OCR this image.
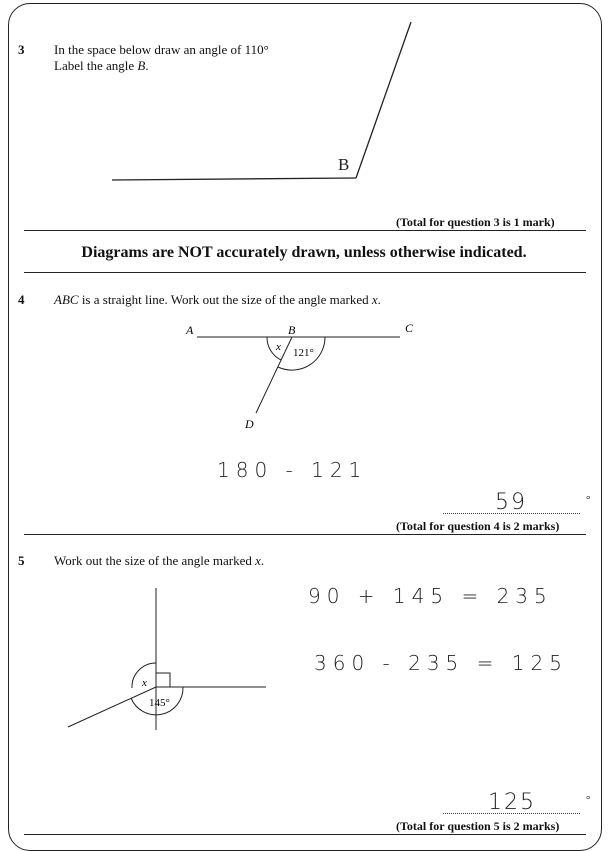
3 In the space below draw an angle of 110°
Label the angle B.
B
A	B	C
D
x 121°
x
145°
(Total for question 3 is 1 mark)
Diagrams are NOT accurately drawn, unless otherwise indicated.
4 ABC is a straight line. Work out the size of the angle marked x.
180 - 121
59	°
(Total for question 4 is 2 marks)
5 Work out the size of the angle marked x.
90 + 145 = 235
360 - 235 = 125
125	°
(Total for question 5 is 2 marks)
